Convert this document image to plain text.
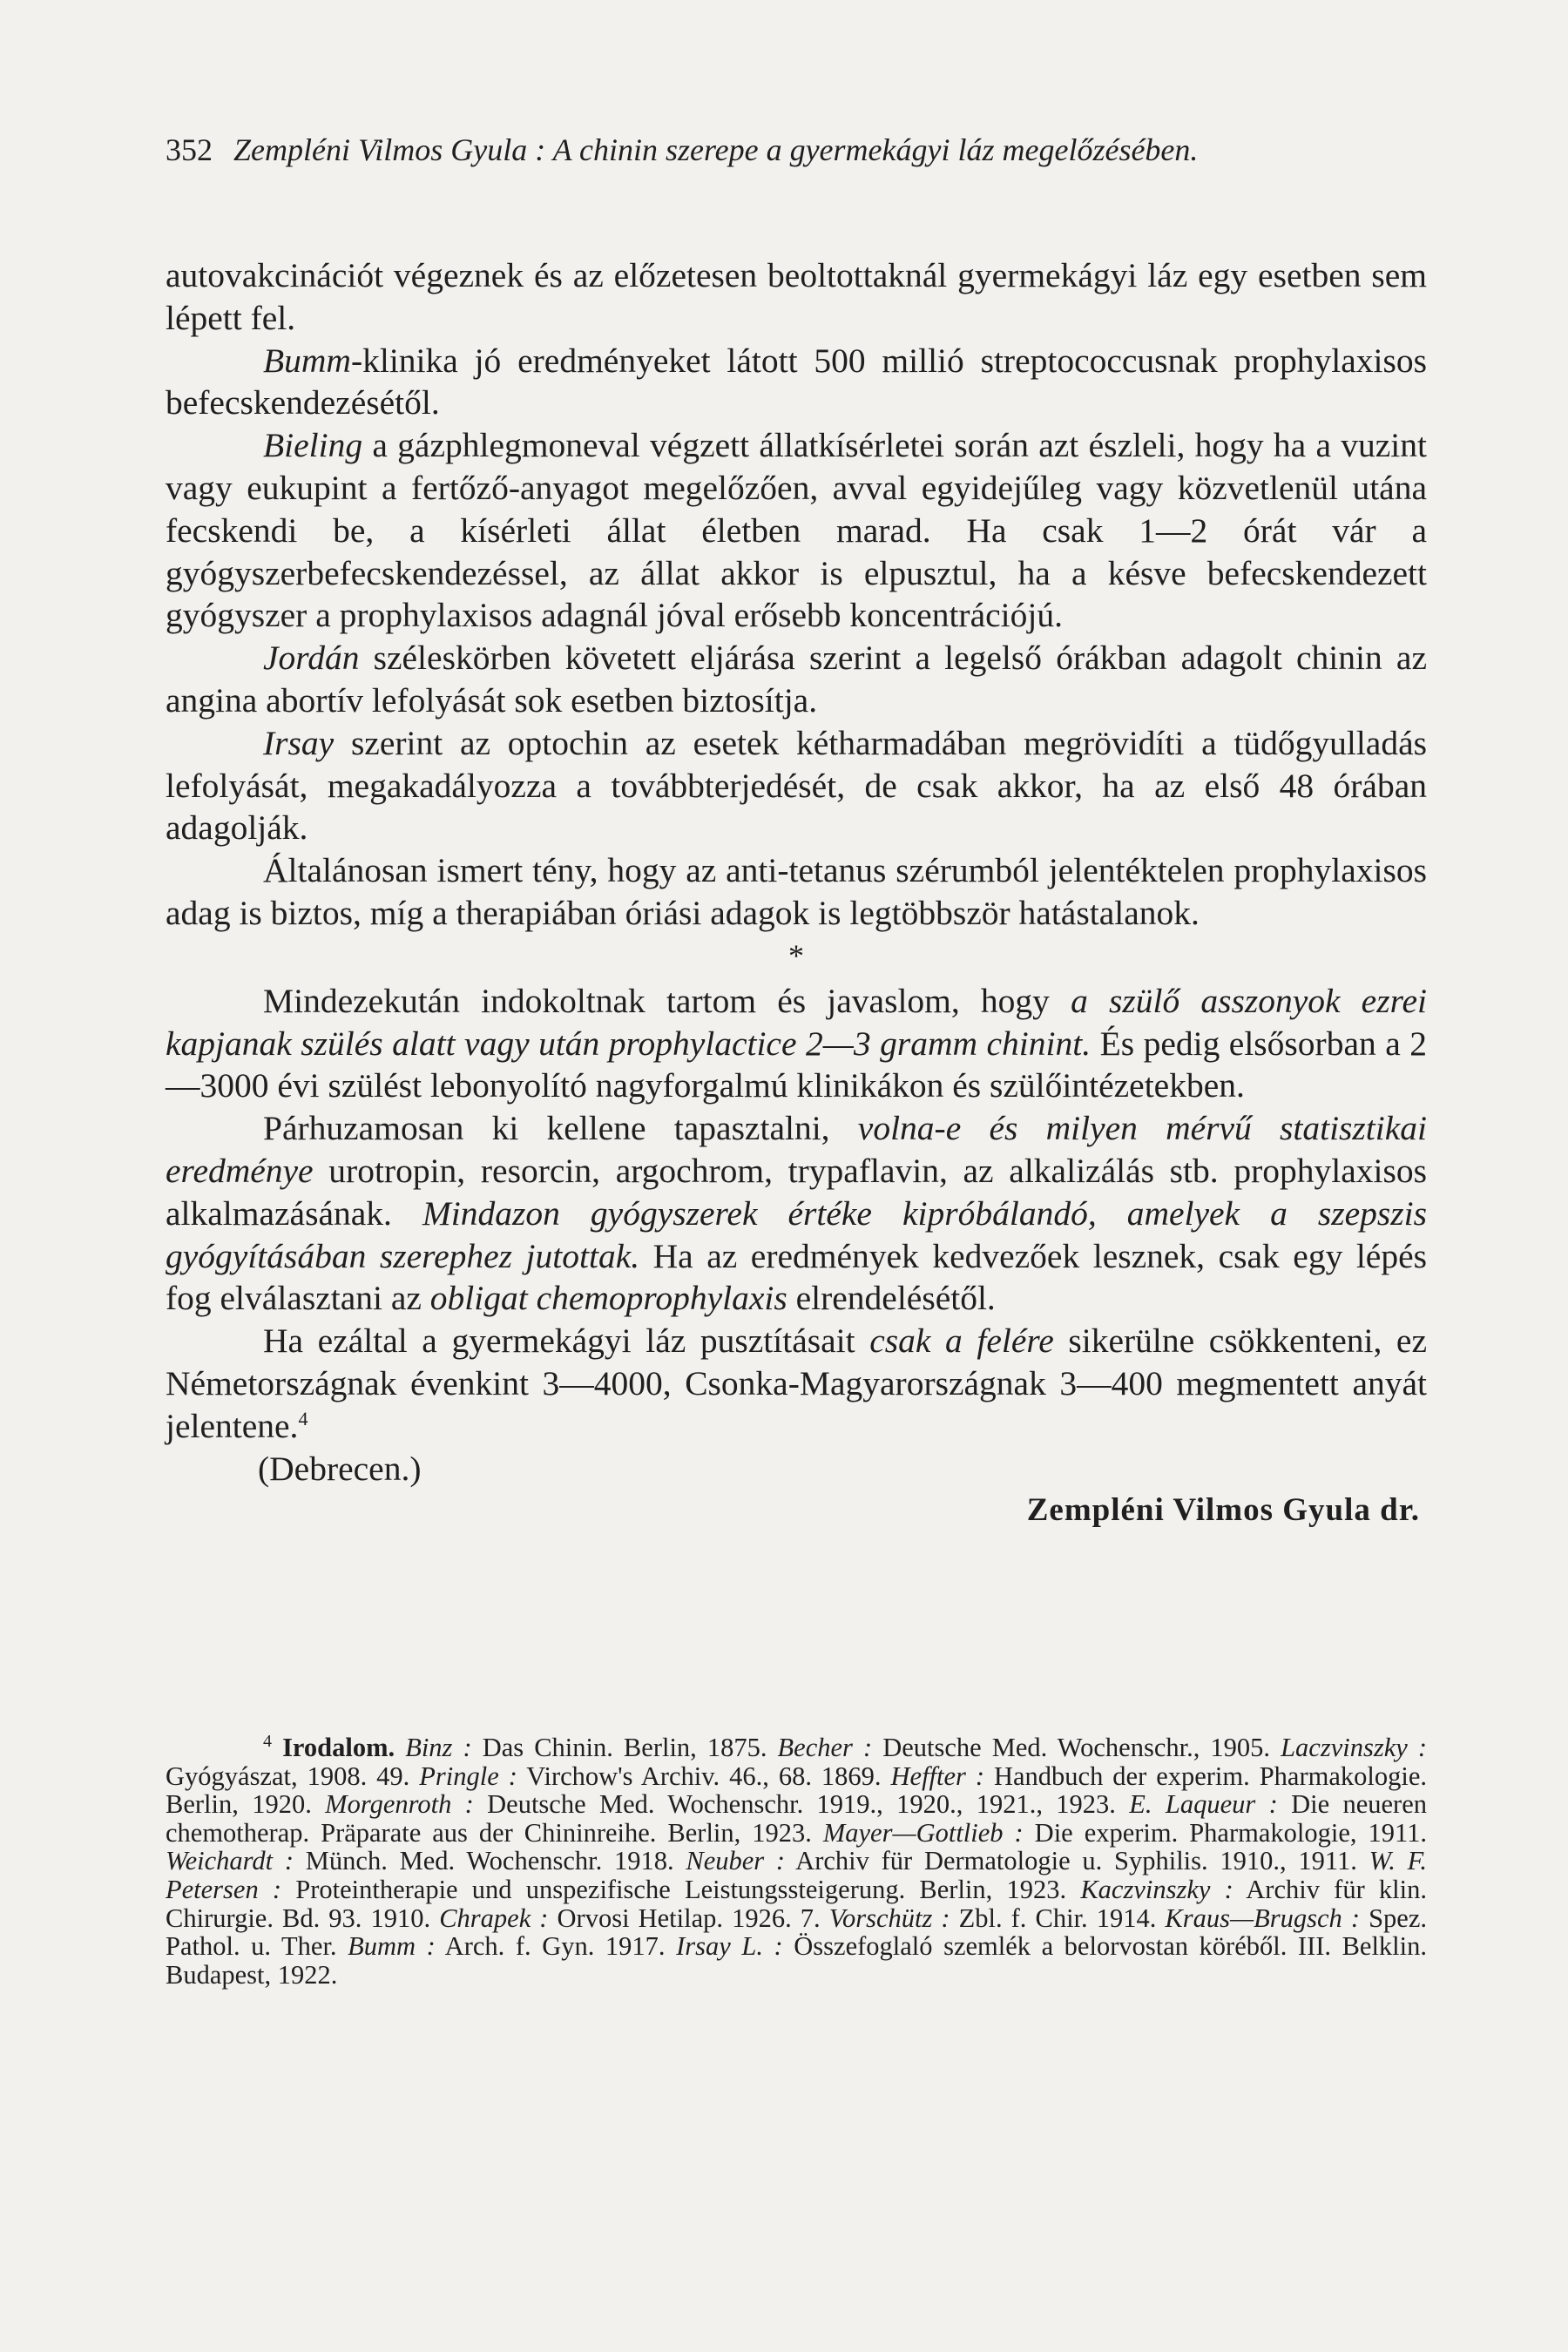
352 Zempléni Vilmos Gyula : A chinin szerepe a gyermekágyi láz megelőzésében.

autovakcinációt végeznek és az előzetesen beoltottaknál gyermekágyi láz egy esetben sem lépett fel.

Bumm-klinika jó eredményeket látott 500 millió streptococcusnak prophylaxisos befecskendezésétől.

Bieling a gázphlegmoneval végzett állatkísérletei során azt észleli, hogy ha a vuzint vagy eukupint a fertőző-anyagot megelőzően, avval egyidejűleg vagy közvetlenül utána fecskendi be, a kísérleti állat életben marad. Ha csak 1—2 órát vár a gyógyszerbefecskendezéssel, az állat akkor is elpusztul, ha a késve befecskendezett gyógyszer a prophylaxisos adagnál jóval erősebb koncentrációjú.

Jordán széleskörben követett eljárása szerint a legelső órákban adagolt chinin az angina abortív lefolyását sok esetben biztosítja.

Irsay szerint az optochin az esetek kétharmadában megrövidíti a tüdőgyulladás lefolyását, megakadályozza a továbbterjedését, de csak akkor, ha az első 48 órában adagolják.

Általánosan ismert tény, hogy az anti-tetanus szérumból jelentéktelen prophylaxisos adag is biztos, míg a therapiában óriási adagok is legtöbbször hatástalanok.

*

Mindezekután indokoltnak tartom és javaslom, hogy a szülő asszonyok ezrei kapjanak szülés alatt vagy után prophylactice 2—3 gramm chinint. És pedig elsősorban a 2—3000 évi szülést lebonyolító nagyforgalmú klinikákon és szülőintézetekben.

Párhuzamosan ki kellene tapasztalni, volna-e és milyen mérvű statisztikai eredménye urotropin, resorcin, argochrom, trypaflavin, az alkalizálás stb. prophylaxisos alkalmazásának. Mindazon gyógyszerek értéke kipróbálandó, amelyek a szepszis gyógyításában szerephez jutottak. Ha az eredmények kedvezőek lesznek, csak egy lépés fog elválasztani az obligat chemoprophylaxis elrendelésétől.

Ha ezáltal a gyermekágyi láz pusztításait csak a felére sikerülne csökkenteni, ez Németországnak évenkint 3—4000, Csonka-Magyarországnak 3—400 megmentett anyát jelentene.$^4$

(Debrecen.)

Zempléni Vilmos Gyula dr.

$^4$ Irodalom. Binz : Das Chinin. Berlin, 1875. Becher : Deutsche Med. Wochenschr., 1905. Laczvinszky : Gyógyászat, 1908. 49. Pringle : Virchow's Archiv. 46., 68. 1869. Heffter : Handbuch der experim. Pharmakologie. Berlin, 1920. Morgenroth : Deutsche Med. Wochenschr. 1919., 1920., 1921., 1923. E. Laqueur : Die neueren chemotherap. Präparate aus der Chininreihe. Berlin, 1923. Mayer—Gottlieb : Die experim. Pharmakologie, 1911. Weichardt : Münch. Med. Wochenschr. 1918. Neuber : Archiv für Dermatologie u. Syphilis. 1910., 1911. W. F. Petersen : Proteintherapie und unspezifische Leistungssteigerung. Berlin, 1923. Kaczvinszky : Archiv für klin. Chirurgie. Bd. 93. 1910. Chrapek : Orvosi Hetilap. 1926. 7. Vorschütz : Zbl. f. Chir. 1914. Kraus—Brugsch : Spez. Pathol. u. Ther. Bumm : Arch. f. Gyn. 1917. Irsay L. : Összefoglaló szemlék a belorvostan köréből. III. Belklin. Budapest, 1922.
